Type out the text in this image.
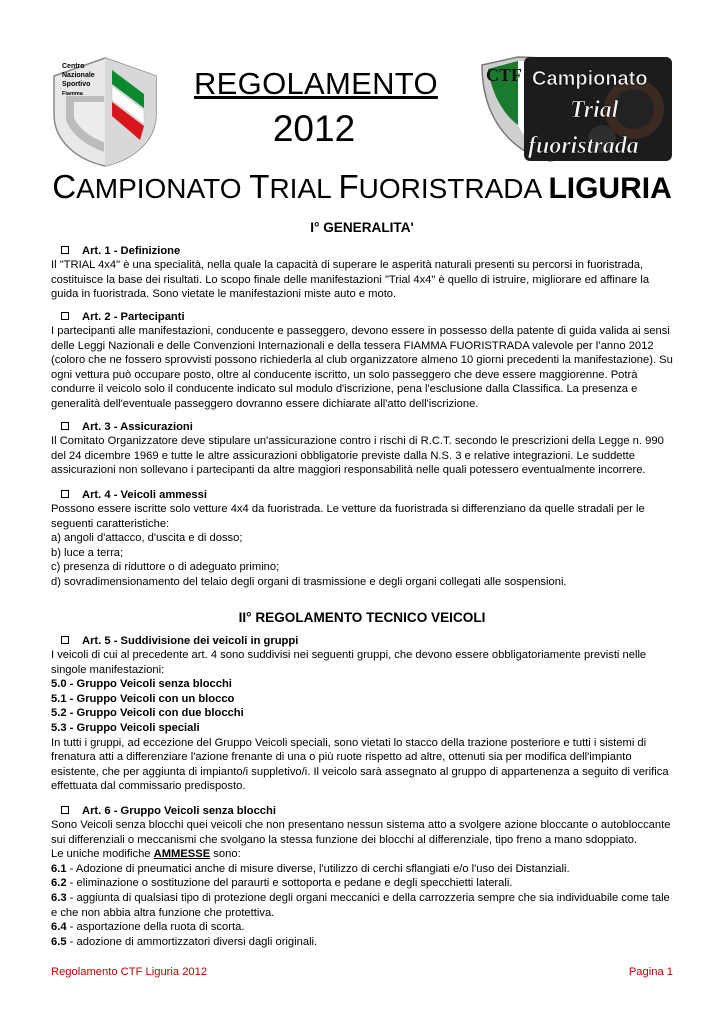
Centro
Nazionale
Sportivo
Fiamma	REGOLAMENTO
2012
CTF Campionato
Trial
fuoristrada
CAMPIONATO TRIAL FUORISTRADA LIGURIA
I° GENERALITA'
Art. 1 - Definizione
Il "TRIAL 4x4" è una specialità, nella quale la capacità di superare le asperità naturali presenti su percorsi in fuoristrada,
costituisce la base dei risultati. Lo scopo finale delle manifestazioni "Trial 4x4" è quello di istruire, migliorare ed affinare la
guida in fuoristrada. Sono vietate le manifestazioni miste auto e moto.
Art. 2 - Partecipanti
I partecipanti alle manifestazioni, conducente e passeggero, devono essere in possesso della patente di guida valida ai sensi
delle Leggi Nazionali e delle Convenzioni Internazionali e della tessera FIAMMA FUORISTRADA valevole per l’anno 2012
(coloro che ne fossero sprovvisti possono richiederla al club organizzatore almeno 10 giorni precedenti la manifestazione). Su
ogni vettura può occupare posto, oltre al conducente iscritto, un solo passeggero che deve essere maggiorenne. Potrà
condurre il veicolo solo il conducente indicato sul modulo d'iscrizione, pena l'esclusione dalla Classifica. La presenza e
generalità dell'eventuale passeggero dovranno essere dichiarate all'atto dell'iscrizione.
Art. 3 - Assicurazioni
Il Comitato Organizzatore deve stipulare un'assicurazione contro i rischi di R.C.T. secondo le prescrizioni della Legge n. 990
del 24 dicembre 1969 e tutte le altre assicurazioni obbligatorie previste dalla N.S. 3 e relative integrazioni. Le suddette
assicurazioni non sollevano i partecipanti da altre maggiori responsabilità nelle quali potessero eventualmente incorrere.
Art. 4 - Veicoli ammessi
Possono essere iscritte solo vetture 4x4 da fuoristrada. Le vetture da fuoristrada si differenziano da quelle stradali per le
seguenti caratteristiche:
a) angoli d'attacco, d'uscita e di dosso;
b) luce a terra;
c) presenza di riduttore o di adeguato primino;
d) sovradimensionamento del telaio degli organi di trasmissione e degli organi collegati alle sospensioni.
II° REGOLAMENTO TECNICO VEICOLI
Art. 5 - Suddivisione dei veicoli in gruppi
I veicoli di cui al precedente art. 4 sono suddivisi nei seguenti gruppi, che devono essere obbligatoriamente previsti nelle
singole manifestazioni:
5.0 - Gruppo Veicoli senza blocchi
5.1 - Gruppo Veicoli con un blocco
5.2 - Gruppo Veicoli con due blocchi
5.3 - Gruppo Veicoli speciali
In tutti i gruppi, ad eccezione del Gruppo Veicoli speciali, sono vietati lo stacco della trazione posteriore e tutti i sistemi di
frenatura atti a differenziare l'azione frenante di una o più ruote rispetto ad altre, ottenuti sia per modifica dell'impianto
esistente, che per aggiunta di impianto/i suppletivo/i. Il veicolo sarà assegnato al gruppo di appartenenza a seguito di verifica
effettuata dal commissario predisposto.
Art. 6 - Gruppo Veicoli senza blocchi
Sono Veicoli senza blocchi quei veicoli che non presentano nessun sistema atto a svolgere azione bloccante o autobloccante
sui differenziali o meccanismi che svolgano la stessa funzione dei blocchi al differenziale, tipo freno a mano sdoppiato.
Le uniche modifiche AMMESSE sono:
6.1 - Adozione di pneumatici anche di misure diverse, l'utilizzo di cerchi sflangiati e/o l'uso dei Distanziali.
6.2 - eliminazione o sostituzione del paraurti e sottoporta e pedane e degli specchietti laterali.
6.3 - aggiunta di qualsiasi tipo di protezione degli organi meccanici e della carrozzeria sempre che sia individuabile come tale
e che non abbia altra funzione che protettiva.
6.4 - asportazione della ruota di scorta.
6.5 - adozione di ammortizzatori diversi dagli originali.
Regolamento CTF Liguria 2012	Pagina 1
